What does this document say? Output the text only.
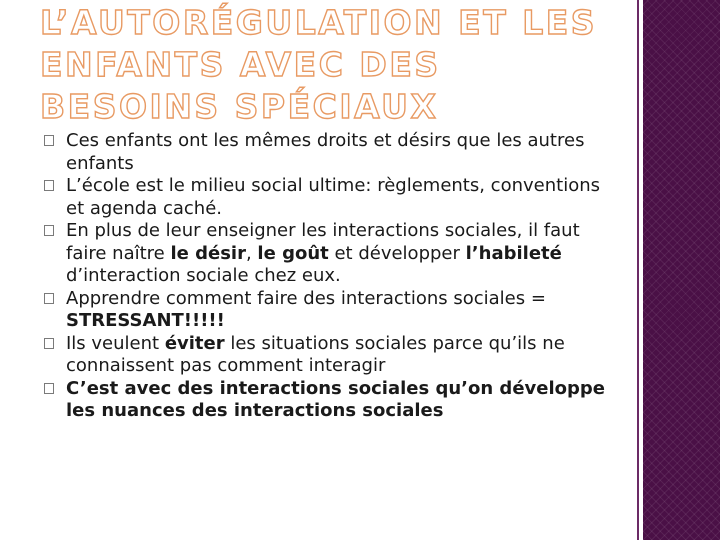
L’AUTORÉGULATION ET LES ENFANTS AVEC DES BESOINS SPÉCIAUX
Ces enfants ont les mêmes droits et désirs que les autres enfants
L’école est le milieu social ultime: règlements, conventions et agenda caché.
En plus de leur enseigner les interactions sociales, il faut faire naître le désir, le goût et développer l’habileté d’interaction sociale chez eux.
Apprendre comment faire des interactions sociales = STRESSANT!!!!!
Ils veulent éviter les situations sociales parce qu’ils ne connaissent pas comment interagir
C’est avec des interactions sociales qu’on développe les nuances des interactions sociales
